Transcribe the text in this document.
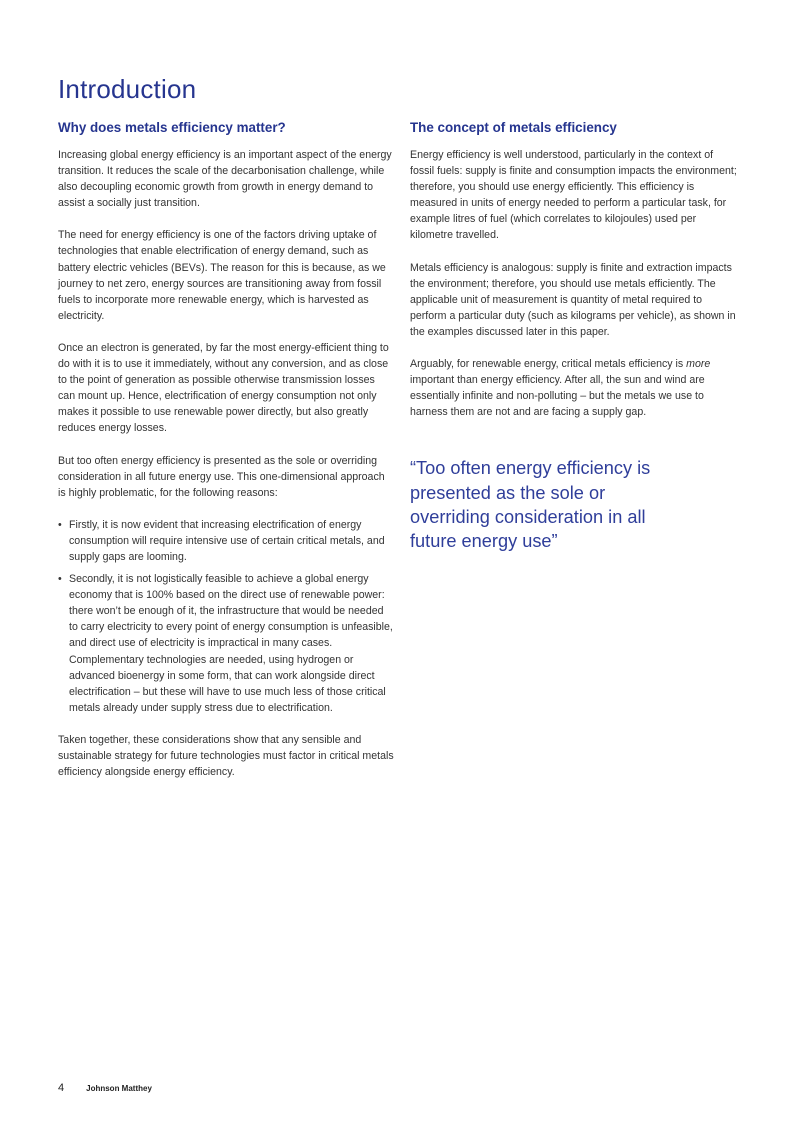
Introduction
Why does metals efficiency matter?

Increasing global energy efficiency is an important aspect of the energy transition. It reduces the scale of the decarbonisation challenge, while also decoupling economic growth from growth in energy demand to assist a socially just transition.

The need for energy efficiency is one of the factors driving uptake of technologies that enable electrification of energy demand, such as battery electric vehicles (BEVs). The reason for this is because, as we journey to net zero, energy sources are transitioning away from fossil fuels to incorporate more renewable energy, which is harvested as electricity.

Once an electron is generated, by far the most energy-efficient thing to do with it is to use it immediately, without any conversion, and as close to the point of generation as possible otherwise transmission losses can mount up. Hence, electrification of energy consumption not only makes it possible to use renewable power directly, but also greatly reduces energy losses.

But too often energy efficiency is presented as the sole or overriding consideration in all future energy use. This one-dimensional approach is highly problematic, for the following reasons:

• Firstly, it is now evident that increasing electrification of energy consumption will require intensive use of certain critical metals, and supply gaps are looming.
• Secondly, it is not logistically feasible to achieve a global energy economy that is 100% based on the direct use of renewable power: there won’t be enough of it, the infrastructure that would be needed to carry electricity to every point of energy consumption is unfeasible, and direct use of electricity is impractical in many cases. Complementary technologies are needed, using hydrogen or advanced bioenergy in some form, that can work alongside direct electrification – but these will have to use much less of those critical metals already under supply stress due to electrification.

Taken together, these considerations show that any sensible and sustainable strategy for future technologies must factor in critical metals efficiency alongside energy efficiency.

The concept of metals efficiency

Energy efficiency is well understood, particularly in the context of fossil fuels: supply is finite and consumption impacts the environment; therefore, you should use energy efficiently. This efficiency is measured in units of energy needed to perform a particular task, for example litres of fuel (which correlates to kilojoules) used per kilometre travelled.

Metals efficiency is analogous: supply is finite and extraction impacts the environment; therefore, you should use metals efficiently. The applicable unit of measurement is quantity of metal required to perform a particular duty (such as kilograms per vehicle), as shown in the examples discussed later in this paper.

Arguably, for renewable energy, critical metals efficiency is more important than energy efficiency. After all, the sun and wind are essentially infinite and non-polluting – but the metals we use to harness them are not and are facing a supply gap.

“Too often energy efficiency is presented as the sole or overriding consideration in all future energy use”

4	Johnson Matthey
